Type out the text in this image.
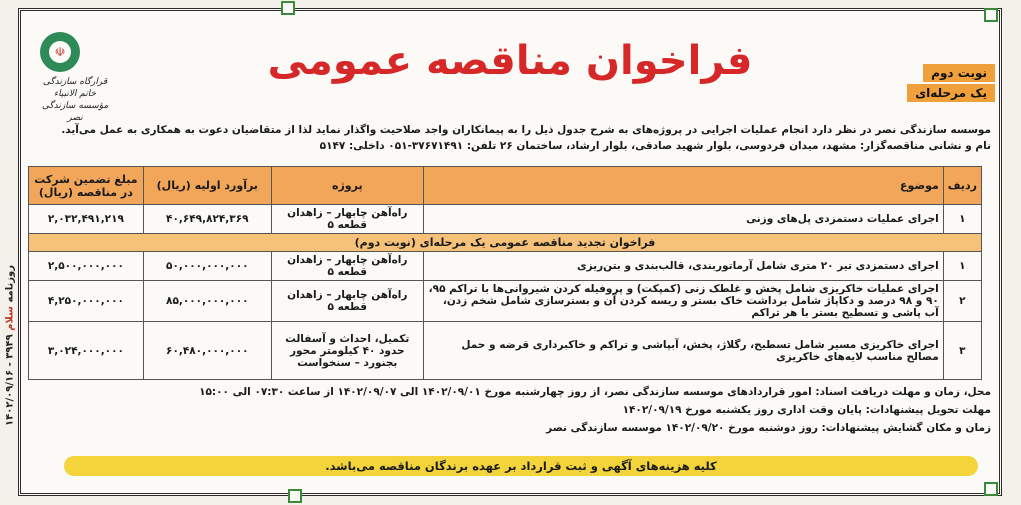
روزنامه سلام ۳۹۴۹ - ۱۴۰۲/۰۹/۱۶
☫
قرارگاه سازندگی خاتم الانبیاء
مؤسسه سازندگی نصر
فراخوان مناقصه عمومی	نوبت دوم
یک مرحله‌ای
موسسه سازندگی نصر در نظر دارد انجام عملیات اجرایی در پروژه‌های به شرح جدول ذیل را به پیمانکاران واجد صلاحیت واگذار نماید لذا از متقاضیان دعوت به همکاری به عمل می‌آید.
نام و نشانی مناقصه‌گزار: مشهد، میدان فردوسی، بلوار شهید صادقی، بلوار ارشاد، ساختمان ۲۶ تلفن: ۳۷۶۷۱۴۹۱-۰۵۱ داخلی: ۵۱۴۷
ردیف	موضوع	پروژه	برآورد اولیه (ریال)	مبلغ تضمین شرکت در مناقصه (ریال)
۱	اجرای عملیات دستمزدی پل‌های وزنی	راه‌آهن چابهار – زاهدان قطعه ۵	۴۰,۶۴۹,۸۲۴,۳۶۹	۲,۰۳۲,۴۹۱,۲۱۹
فراخوان تجدید مناقصه عمومی یک مرحله‌ای (نوبت دوم)				
۱	اجرای دستمزدی تیر ۲۰ متری شامل آرماتوربندی، قالب‌بندی و بتن‌ریزی	راه‌آهن چابهار – زاهدان قطعه ۵	۵۰,۰۰۰,۰۰۰,۰۰۰	۲,۵۰۰,۰۰۰,۰۰۰
۲	اجرای عملیات خاکریزی شامل پخش و غلطک زنی (کمپکت) و پروفیله کردن شیروانی‌ها با تراکم ۹۵، ۹۰ و ۹۸ درصد و دکاپاژ شامل برداشت خاک بستر و ریسه کردن آن و بسترسازی شامل شخم زدن، آب پاشی و تسطیح بستر با هر تراکم	راه‌آهن چابهار – زاهدان قطعه ۵	۸۵,۰۰۰,۰۰۰,۰۰۰	۴,۲۵۰,۰۰۰,۰۰۰
۳	اجرای خاکریزی مسیر شامل تسطیح، رگلاژ، پخش، آبپاشی و تراکم و خاکبرداری قرضه و حمل مصالح مناسب لایه‌های خاکریزی	تکمیل، احداث و آسفالت حدود ۴۰ کیلومتر محور بجنورد – سنخواست	۶۰,۴۸۰,۰۰۰,۰۰۰	۳,۰۲۴,۰۰۰,۰۰۰
محل، زمان و مهلت دریافت اسناد: امور قراردادهای موسسه سازندگی نصر، از روز چهارشنبه مورخ ۱۴۰۲/۰۹/۰۱ الی ۱۴۰۲/۰۹/۰۷ از ساعت ۰۷:۳۰ الی ۱۵:۰۰
مهلت تحویل پیشنهادات: پایان وقت اداری روز یکشنبه مورخ ۱۴۰۲/۰۹/۱۹
زمان و مکان گشایش پیشنهادات: روز دوشنبه مورخ ۱۴۰۲/۰۹/۲۰ موسسه سازندگی نصر
کلیه هزینه‌های آگهی و ثبت قرارداد بر عهده برندگان مناقصه می‌باشد.
